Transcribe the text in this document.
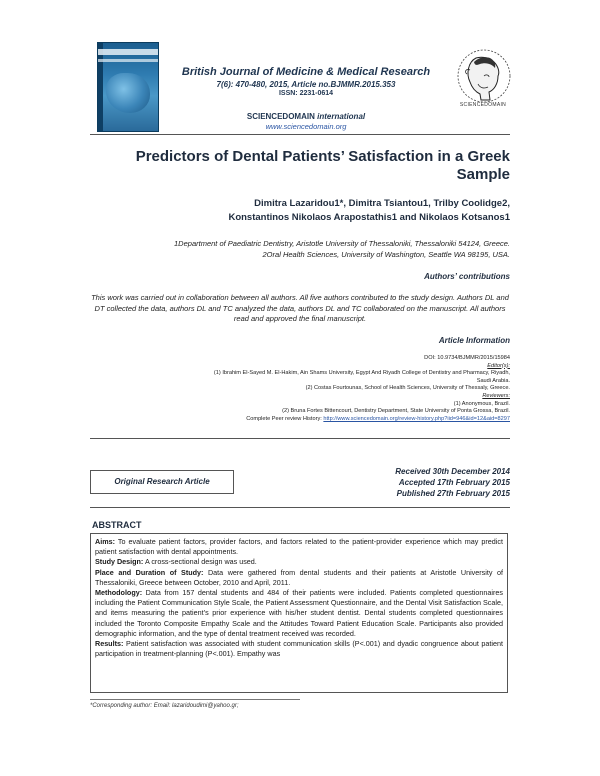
British Journal of Medicine & Medical Research
7(6): 470-480, 2015, Article no.BJMMR.2015.353
ISSN: 2231-0614
SCIENCEDOMAIN international
www.sciencedomain.org
SCIENCEDOMAIN
Predictors of Dental Patients’ Satisfaction in a Greek
Sample
Dimitra Lazaridou1*, Dimitra Tsiantou1, Trilby Coolidge2,
Konstantinos Nikolaos Arapostathis1 and Nikolaos Kotsanos1
1Department of Paediatric Dentistry, Aristotle University of Thessaloniki, Thessaloniki 54124, Greece.
2Oral Health Sciences, University of Washington, Seattle WA 98195, USA.
Authors’ contributions
This work was carried out in collaboration between all authors. All five authors contributed to the study design. Authors DL and DT collected the data, authors DL and TC analyzed the data, authors DL and TC collaborated on the manuscript. All authors read and approved the final manuscript.
Article Information
DOI: 10.9734/BJMMR/2015/15984
Editor(s):
(1) Ibrahim El-Sayed M. El-Hakim, Ain Shams University, Egypt And Riyadh College of Dentistry and Pharmacy, Riyadh,
Saudi Arabia.
(2) Costas Fourtounas, School of Health Sciences, University of Thessaly, Greece.
Reviewers:
(1) Anonymous, Brazil.
(2) Bruna Fortes Bittencourt, Dentistry Department, State University of Ponta Grossa, Brazil.
Complete Peer review History: http://www.sciencedomain.org/review-history.php?iid=946&id=12&aid=8297
Original Research Article
Received 30th December 2014
Accepted 17th February 2015
Published 27th February 2015
ABSTRACT

Aims: To evaluate patient factors, provider factors, and factors related to the patient-provider experience which may predict patient satisfaction with dental appointments.

Study Design: A cross-sectional design was used.

Place and Duration of Study: Data were gathered from dental students and their patients at Aristotle University of Thessaloniki, Greece between October, 2010 and April, 2011.

Methodology: Data from 157 dental students and 484 of their patients were included. Patients completed questionnaires including the Patient Communication Style Scale, the Patient Assessment Questionnaire, and the Dental Visit Satisfaction Scale, and items measuring the patient’s prior experience with his/her student dentist. Dental students completed questionnaires included the Toronto Composite Empathy Scale and the Attitudes Toward Patient Education Scale. Participants also provided demographic information, and the type of dental treatment received was recorded.

Results: Patient satisfaction was associated with student communication skills (P<.001) and dyadic congruence about patient participation in treatment-planning (P<.001). Empathy was

*Corresponding author: Email: lazaridoudimi@yahoo.gr;
